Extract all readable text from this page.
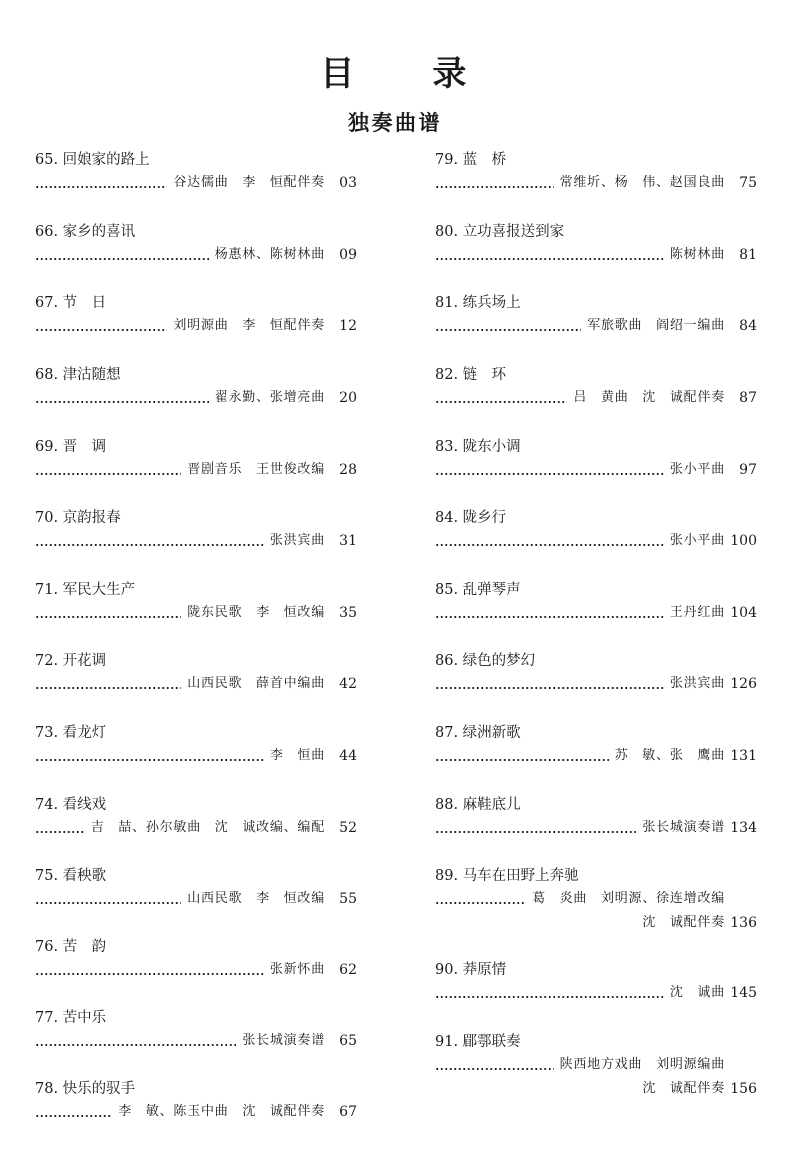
目　　录
独奏曲谱
65. 回娘家的路上
谷达儒曲　李　恒配伴奏	03
66. 家乡的喜讯
杨惠林、陈树林曲	09
67. 节　日
刘明源曲　李　恒配伴奏	12
68. 津沽随想
翟永勤、张增亮曲	20
69. 晋　调
晋剧音乐　王世俊改编	28
70. 京韵报春
张洪宾曲	31
71. 军民大生产
陇东民歌　李　恒改编	35
72. 开花调
山西民歌　薛首中编曲	42
73. 看龙灯
李　恒曲	44
74. 看线戏
吉　喆、孙尔敏曲　沈　诚改编、编配	52
75. 看秧歌
山西民歌　李　恒改编	55
76. 苦　韵
张新怀曲	62
77. 苦中乐
张长城演奏谱	65
78. 快乐的驭手
李　敏、陈玉中曲　沈　诚配伴奏	67
79. 蓝　桥
常维圻、杨　伟、赵国良曲	75
80. 立功喜报送到家
陈树林曲	81
81. 练兵场上
军旅歌曲　阎绍一编曲	84
82. 链　环
吕　黄曲　沈　诚配伴奏	87
83. 陇东小调
张小平曲	97
84. 陇乡行
张小平曲 100
85. 乱弹琴声
王丹红曲 104
86. 绿色的梦幻
张洪宾曲 126
87. 绿洲新歌
苏　敏、张　鹰曲 131
88. 麻鞋底儿
张长城演奏谱 134
89. 马车在田野上奔驰
葛　炎曲　刘明源、徐连增改编
沈　诚配伴奏 136
90. 莽原情
沈　诚曲 145
91. 郿鄠联奏
陕西地方戏曲　刘明源编曲
沈　诚配伴奏 156
